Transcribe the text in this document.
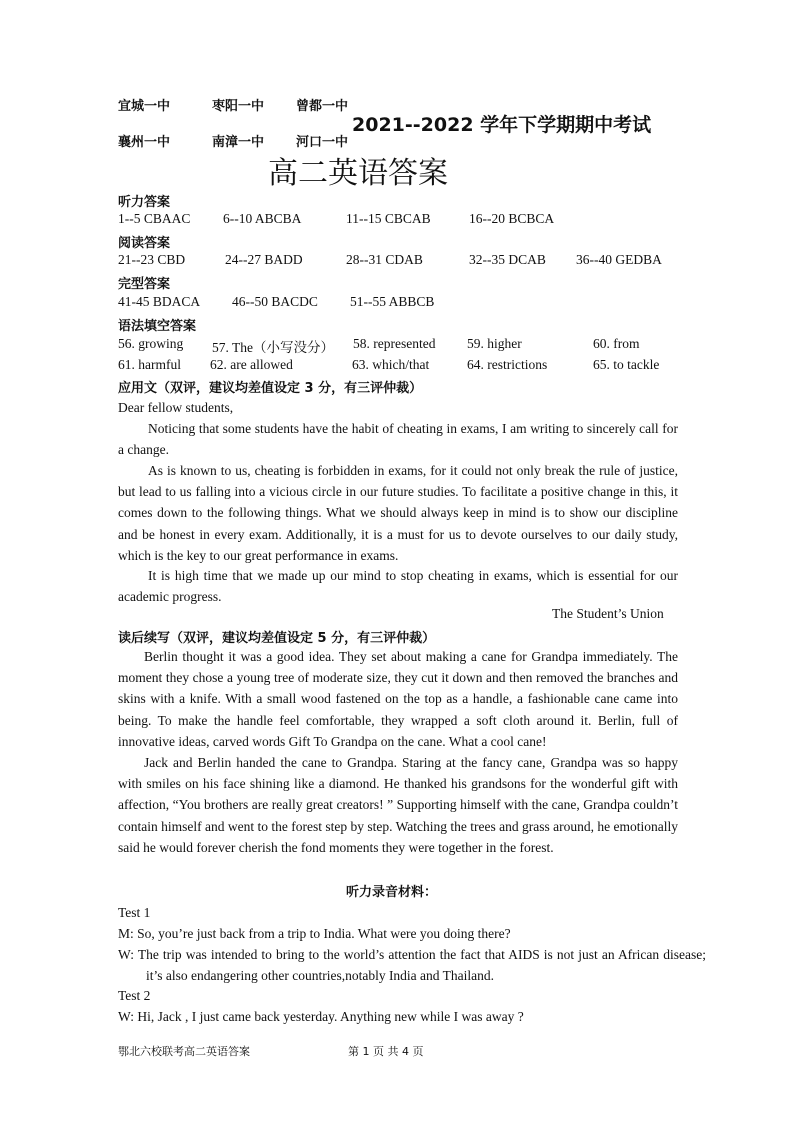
宜城一中	枣阳一中 曾都一中
襄州一中	南漳一中 河口一中
2021--2022 学年下学期期中考试
高二英语答案
听力答案
1--5 CBAAC 6--10 ABCBA	11--15 CBCAB	16--20 BCBCA
阅读答案
21--23 CBD	24--27 BADD	28--31 CDAB	32--35 DCAB 36--40 GEDBA
完型答案
41-45 BDACA 46--50 BACDC 51--55 ABBCB
语法填空答案
56. growing 57. The（小写没分） 58. represented 59. higher	60. from
61. harmful 62. are allowed	63. which/that	64. restrictions	65. to tackle
应用文（双评，建议均差值设定 3 分，有三评仲裁）
Dear fellow students,
Noticing that some students have the habit of cheating in exams, I am writing to sincerely call for a change.
As is known to us, cheating is forbidden in exams, for it could not only break the rule of justice, but lead to us falling into a vicious circle in our future studies. To facilitate a positive change in this, it comes down to the following things. What we should always keep in mind is to show our discipline and be honest in every exam. Additionally, it is a must for us to devote ourselves to our daily study, which is the key to our great performance in exams.
It is high time that we made up our mind to stop cheating in exams, which is essential for our academic progress.
The Student’s Union
读后续写（双评，建议均差值设定 5 分，有三评仲裁）
Berlin thought it was a good idea. They set about making a cane for Grandpa immediately. The moment they chose a young tree of moderate size, they cut it down and then removed the branches and skins with a knife. With a small wood fastened on the top as a handle, a fashionable cane came into being. To make the handle feel comfortable, they wrapped a soft cloth around it. Berlin, full of innovative ideas, carved words Gift To Grandpa on the cane. What a cool cane!
Jack and Berlin handed the cane to Grandpa. Staring at the fancy cane, Grandpa was so happy with smiles on his face shining like a diamond. He thanked his grandsons for the wonderful gift with affection, “You brothers are really great creators! ” Supporting himself with the cane, Grandpa couldn’t contain himself and went to the forest step by step. Watching the trees and grass around, he emotionally said he would forever cherish the fond moments they were together in the forest.
听力录音材料：
Test 1
M: So, you’re just back from a trip to India. What were you doing there?
W: The trip was intended to bring to the world’s attention the fact that AIDS is not just an African disease; it’s also endangering other countries,notably India and Thailand.
Test 2
W: Hi, Jack , I just came back yesterday. Anything new while I was away ?
鄂北六校联考高二英语答案	第 1 页 共 4 页
